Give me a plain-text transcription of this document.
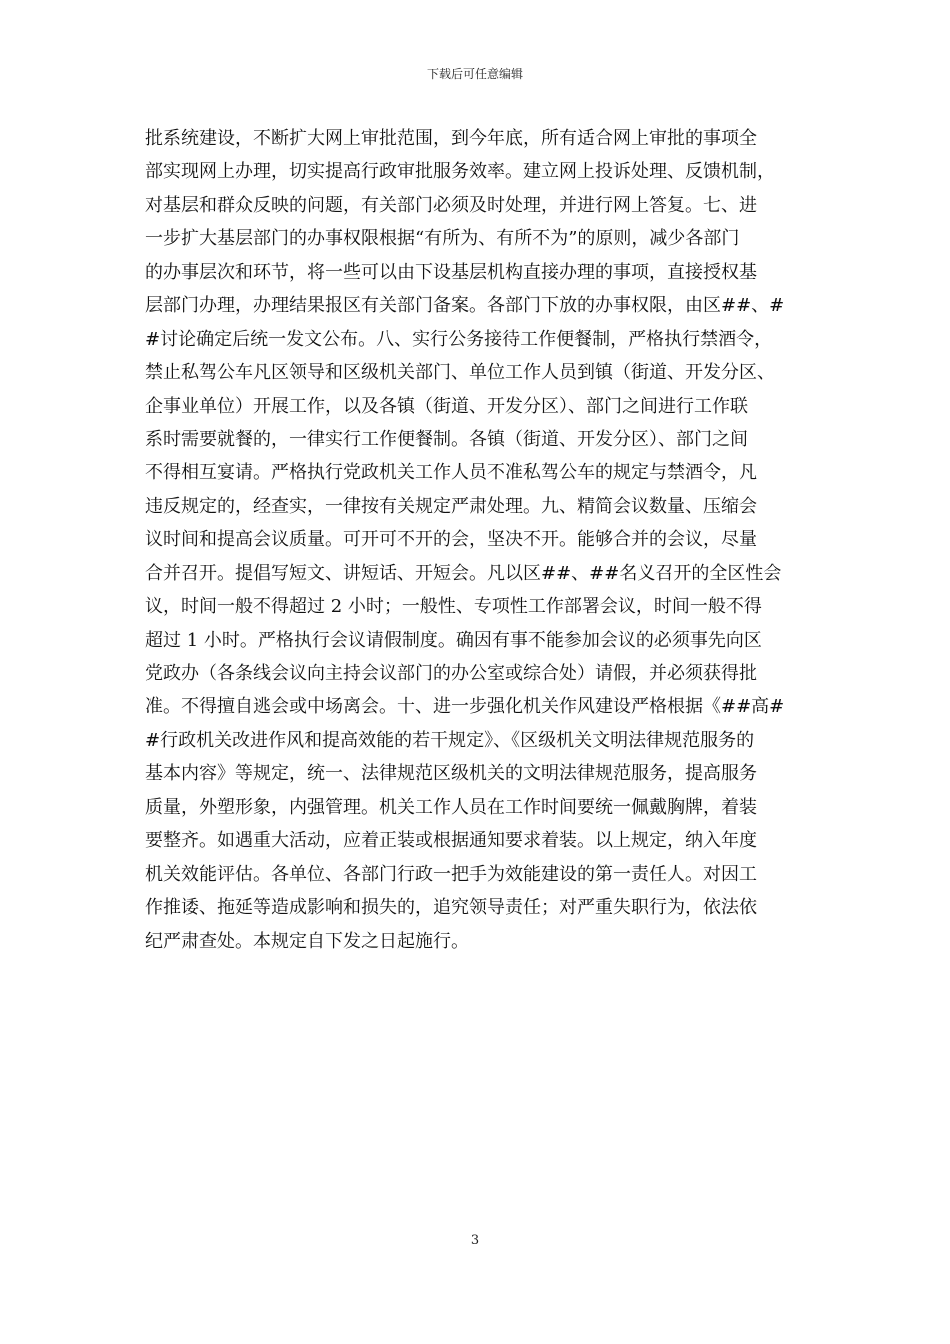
下载后可任意编辑
批系统建设，不断扩大网上审批范围，到今年底，所有适合网上审批的事项全
部实现网上办理，切实提高行政审批服务效率。建立网上投诉处理、反馈机制，
对基层和群众反映的问题，有关部门必须及时处理，并进行网上答复。七、进
一步扩大基层部门的办事权限根据“有所为、有所不为”的原则，减少各部门
的办事层次和环节，将一些可以由下设基层机构直接办理的事项，直接授权基
层部门办理，办理结果报区有关部门备案。各部门下放的办事权限，由区##、#
#讨论确定后统一发文公布。八、实行公务接待工作便餐制，严格执行禁酒令，
禁止私驾公车凡区领导和区级机关部门、单位工作人员到镇（街道、开发分区、
企事业单位）开展工作，以及各镇（街道、开发分区）、部门之间进行工作联
系时需要就餐的，一律实行工作便餐制。各镇（街道、开发分区）、部门之间
不得相互宴请。严格执行党政机关工作人员不准私驾公车的规定与禁酒令，凡
违反规定的，经查实，一律按有关规定严肃处理。九、精简会议数量、压缩会
议时间和提高会议质量。可开可不开的会，坚决不开。能够合并的会议，尽量
合并召开。提倡写短文、讲短话、开短会。凡以区##、##名义召开的全区性会
议，时间一般不得超过 2 小时；一般性、专项性工作部署会议，时间一般不得
超过 1 小时。严格执行会议请假制度。确因有事不能参加会议的必须事先向区
党政办（各条线会议向主持会议部门的办公室或综合处）请假，并必须获得批
准。不得擅自逃会或中场离会。十、进一步强化机关作风建设严格根据《##高#
#行政机关改进作风和提高效能的若干规定》、《区级机关文明法律规范服务的
基本内容》等规定，统一、法律规范区级机关的文明法律规范服务，提高服务
质量，外塑形象，内强管理。机关工作人员在工作时间要统一佩戴胸牌，着装
要整齐。如遇重大活动，应着正装或根据通知要求着装。以上规定，纳入年度
机关效能评估。各单位、各部门行政一把手为效能建设的第一责任人。对因工
作推诿、拖延等造成影响和损失的，追究领导责任；对严重失职行为，依法依
纪严肃查处。本规定自下发之日起施行。
3
